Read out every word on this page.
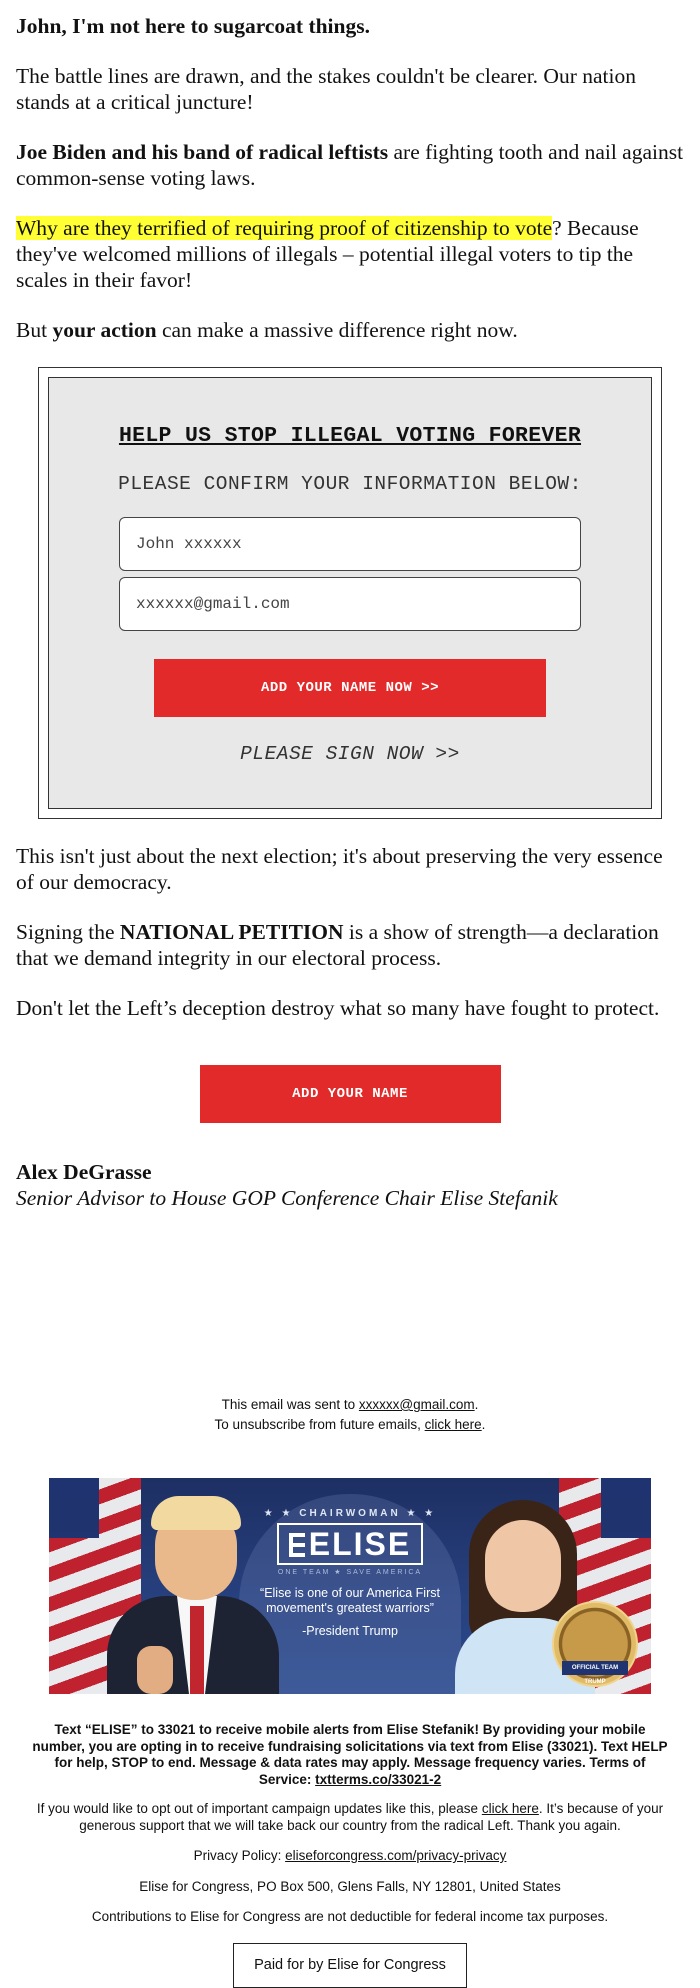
John, I'm not here to sugarcoat things.
The battle lines are drawn, and the stakes couldn't be clearer. Our nation stands at a critical juncture!
Joe Biden and his band of radical leftists are fighting tooth and nail against common-sense voting laws.
Why are they terrified of requiring proof of citizenship to vote? Because they've welcomed millions of illegals – potential illegal voters to tip the scales in their favor!
But your action can make a massive difference right now.
HELP US STOP ILLEGAL VOTING FOREVER
PLEASE CONFIRM YOUR INFORMATION BELOW:
John xxxxxx
xxxxxx@gmail.com
ADD YOUR NAME NOW >>
PLEASE SIGN NOW >>
This isn't just about the next election; it's about preserving the very essence of our democracy.
Signing the NATIONAL PETITION is a show of strength—a declaration that we demand integrity in our electoral process.
Don't let the Left’s deception destroy what so many have fought to protect.
ADD YOUR NAME
Alex DeGrasse
Senior Advisor to House GOP Conference Chair Elise Stefanik
This email was sent to xxxxxx@gmail.com.
To unsubscribe from future emails, click here.
★ ★ CHAIRWOMAN ★ ★
ELISE
ONE TEAM ★ SAVE AMERICA
“Elise is one of our America First movement's greatest warriors”
-President Trump
OFFICIAL TEAM TRUMP
Text “ELISE” to 33021 to receive mobile alerts from Elise Stefanik! By providing your mobile number, you are opting in to receive fundraising solicitations via text from Elise (33021). Text HELP for help, STOP to end. Message & data rates may apply. Message frequency varies. Terms of Service: txtterms.co/33021-2
If you would like to opt out of important campaign updates like this, please click here. It’s because of your generous support that we will take back our country from the radical Left. Thank you again.
Privacy Policy: eliseforcongress.com/privacy-privacy
Elise for Congress, PO Box 500, Glens Falls, NY 12801, United States
Contributions to Elise for Congress are not deductible for federal income tax purposes.
Paid for by Elise for Congress
